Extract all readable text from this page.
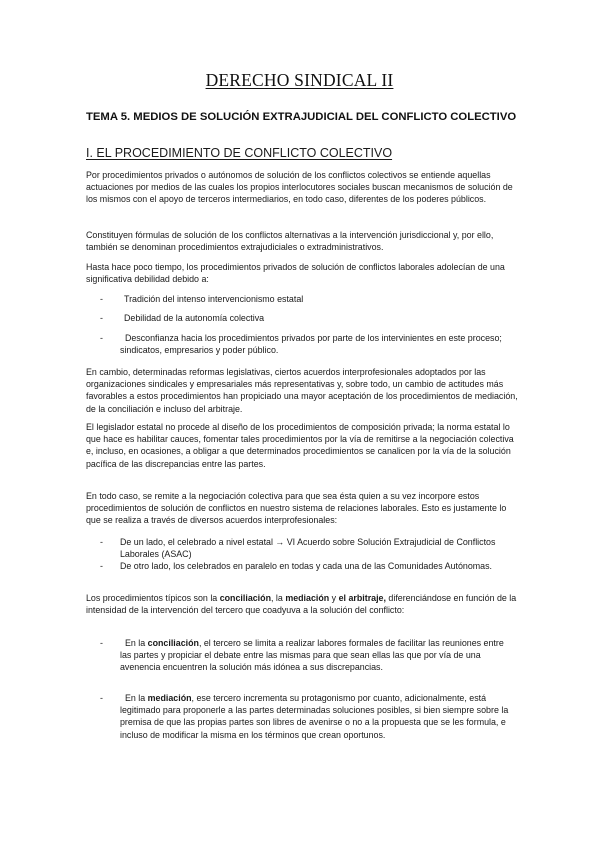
DERECHO SINDICAL II
TEMA 5. MEDIOS DE SOLUCIÓN EXTRAJUDICIAL DEL CONFLICTO COLECTIVO
I. EL PROCEDIMIENTO DE CONFLICTO COLECTIVO

Por procedimientos privados o autónomos de solución de los conflictos colectivos se entiende aquellas actuaciones por medios de las cuales los propios interlocutores sociales buscan mecanismos de solución de los mismos con el apoyo de terceros intermediarios, en todo caso, diferentes de los poderes públicos.

Constituyen fórmulas de solución de los conflictos alternativas a la intervención jurisdiccional y, por ello, también se denominan procedimientos extrajudiciales o extradministrativos.

Hasta hace poco tiempo, los procedimientos privados de solución de conflictos laborales adolecían de una significativa debilidad debido a:

- Tradición del intenso intervencionismo estatal

- Debilidad de la autonomía colectiva

-	Desconfianza hacia los procedimientos privados por parte de los intervinientes en este proceso; sindicatos, empresarios y poder público.

En cambio, determinadas reformas legislativas, ciertos acuerdos interprofesionales adoptados por las organizaciones sindicales y empresariales más representativas y, sobre todo, un cambio de actitudes más favorables a estos procedimientos han propiciado una mayor aceptación de los procedimientos de mediación, de la conciliación e incluso del arbitraje.

El legislador estatal no procede al diseño de los procedimientos de composición privada; la norma estatal lo que hace es habilitar cauces, fomentar tales procedimientos por la vía de remitirse a la negociación colectiva e, incluso, en ocasiones, a obligar a que determinados procedimientos se canalicen por la vía de la solución pacífica de las discrepancias entre las partes.

En todo caso, se remite a la negociación colectiva para que sea ésta quien a su vez incorpore estos procedimientos de solución de conflictos en nuestro sistema de relaciones laborales. Esto es justamente lo que se realiza a través de diversos acuerdos interprofesionales:

- De un lado, el celebrado a nivel estatal → VI Acuerdo sobre Solución Extrajudicial de Conflictos Laborales (ASAC)

- De otro lado, los celebrados en paralelo en todas y cada una de las Comunidades Autónomas.

Los procedimientos típicos son la conciliación, la mediación y el arbitraje, diferenciándose en función de la intensidad de la intervención del tercero que coadyuva a la solución del conflicto:

-	En la conciliación, el tercero se limita a realizar labores formales de facilitar las reuniones entre las partes y propiciar el debate entre las mismas para que sean ellas las que por vía de una avenencia encuentren la solución más idónea a sus discrepancias.

-	En la mediación, ese tercero incrementa su protagonismo por cuanto, adicionalmente, está legitimado para proponerle a las partes determinadas soluciones posibles, si bien siempre sobre la premisa de que las propias partes son libres de avenirse o no a la propuesta que se les formula, e incluso de modificar la misma en los términos que crean oportunos.
